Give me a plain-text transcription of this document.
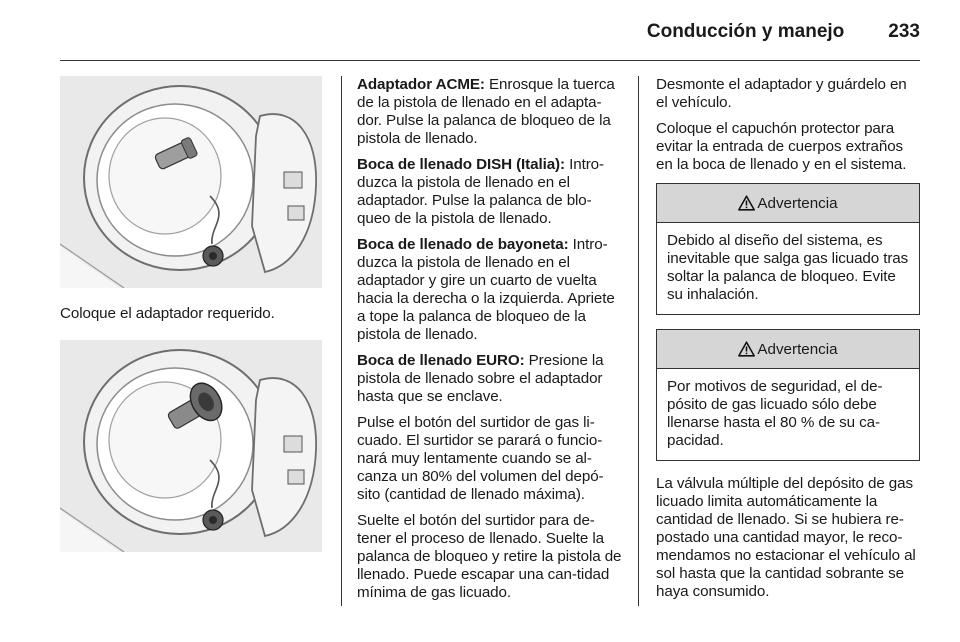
Conducción y manejo 233

Coloque el adaptador requerido.

Adaptador ACME: Enrosque la tuerca de la pistola de llenado en el adapta-dor. Pulse la palanca de bloqueo de la pistola de llenado.

Boca de llenado DISH (Italia): Intro-duzca la pistola de llenado en el adaptador. Pulse la palanca de blo-queo de la pistola de llenado.

Boca de llenado de bayoneta: Intro-duzca la pistola de llenado en el adaptador y gire un cuarto de vuelta hacia la derecha o la izquierda. Apriete a tope la palanca de bloqueo de la pistola de llenado.

Boca de llenado EURO: Presione la pistola de llenado sobre el adaptador hasta que se enclave.

Pulse el botón del surtidor de gas li-cuado. El surtidor se parará o funcio-nará muy lentamente cuando se al-canza un 80% del volumen del depó-sito (cantidad de llenado máxima).

Suelte el botón del surtidor para de-tener el proceso de llenado. Suelte la palanca de bloqueo y retire la pistola de llenado. Puede escapar una can-tidad mínima de gas licuado.

Desmonte el adaptador y guárdelo en el vehículo.

Coloque el capuchón protector para evitar la entrada de cuerpos extraños en la boca de llenado y en el sistema.

Advertencia

Debido al diseño del sistema, es inevitable que salga gas licuado tras soltar la palanca de bloqueo. Evite su inhalación.

Advertencia

Por motivos de seguridad, el de-pósito de gas licuado sólo debe llenarse hasta el 80 % de su ca-pacidad.

La válvula múltiple del depósito de gas licuado limita automáticamente la cantidad de llenado. Si se hubiera re-postado una cantidad mayor, le reco-mendamos no estacionar el vehículo al sol hasta que la cantidad sobrante se haya consumido.
